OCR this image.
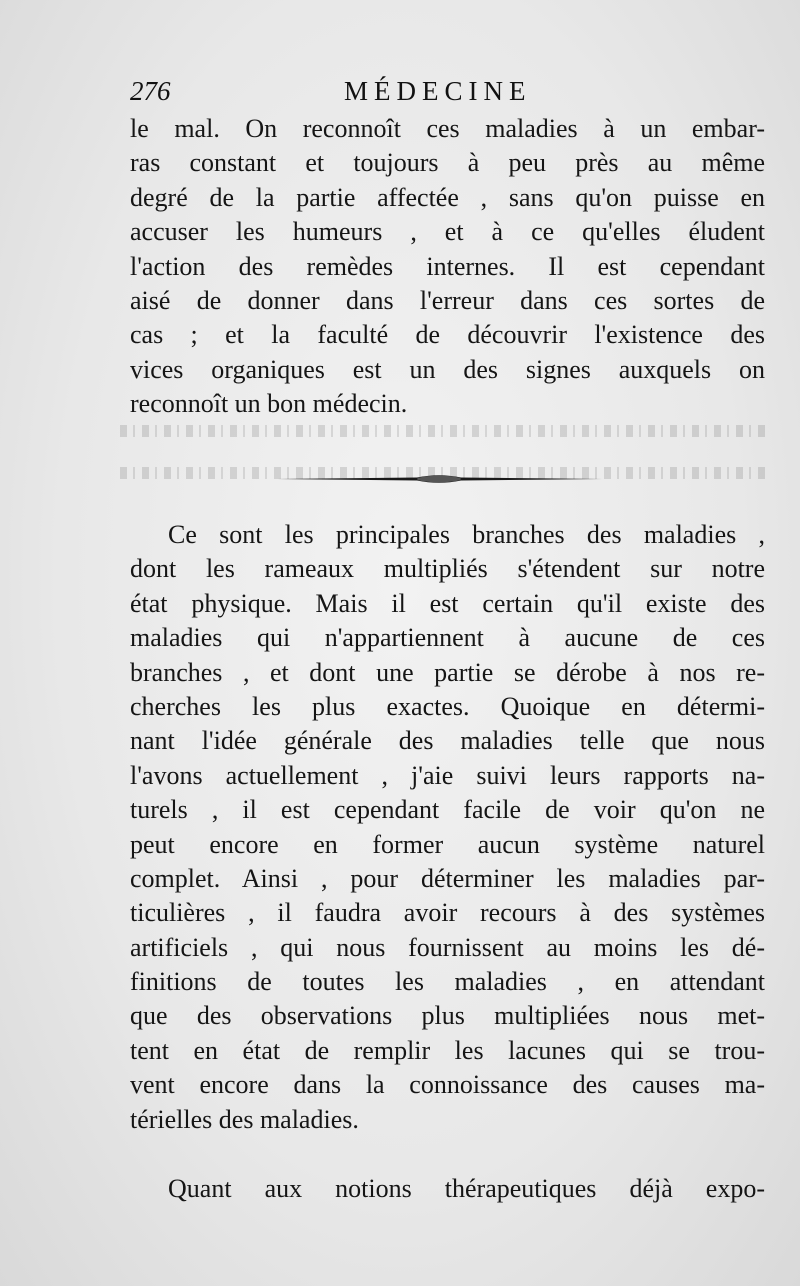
276	MÉDECINE
le mal. On reconnoît ces maladies à un embar-
ras constant et toujours à peu près au même
degré de la partie affectée , sans qu'on puisse en
accuser les humeurs , et à ce qu'elles éludent
l'action des remèdes internes. Il est cependant
aisé de donner dans l'erreur dans ces sortes de
cas ; et la faculté de découvrir l'existence des
vices organiques est un des signes auxquels on
reconnoît un bon médecin.
Ce sont les principales branches des maladies ,
dont les rameaux multipliés s'étendent sur notre
état physique. Mais il est certain qu'il existe des
maladies qui n'appartiennent à aucune de ces
branches , et dont une partie se dérobe à nos re-
cherches les plus exactes. Quoique en détermi-
nant l'idée générale des maladies telle que nous
l'avons actuellement , j'aie suivi leurs rapports na-
turels , il est cependant facile de voir qu'on ne
peut encore en former aucun système naturel
complet. Ainsi , pour déterminer les maladies par-
ticulières , il faudra avoir recours à des systèmes
artificiels , qui nous fournissent au moins les dé-
finitions de toutes les maladies , en attendant
que des observations plus multipliées nous met-
tent en état de remplir les lacunes qui se trou-
vent encore dans la connoissance des causes ma-
térielles des maladies.
Quant aux notions thérapeutiques déjà expo-
